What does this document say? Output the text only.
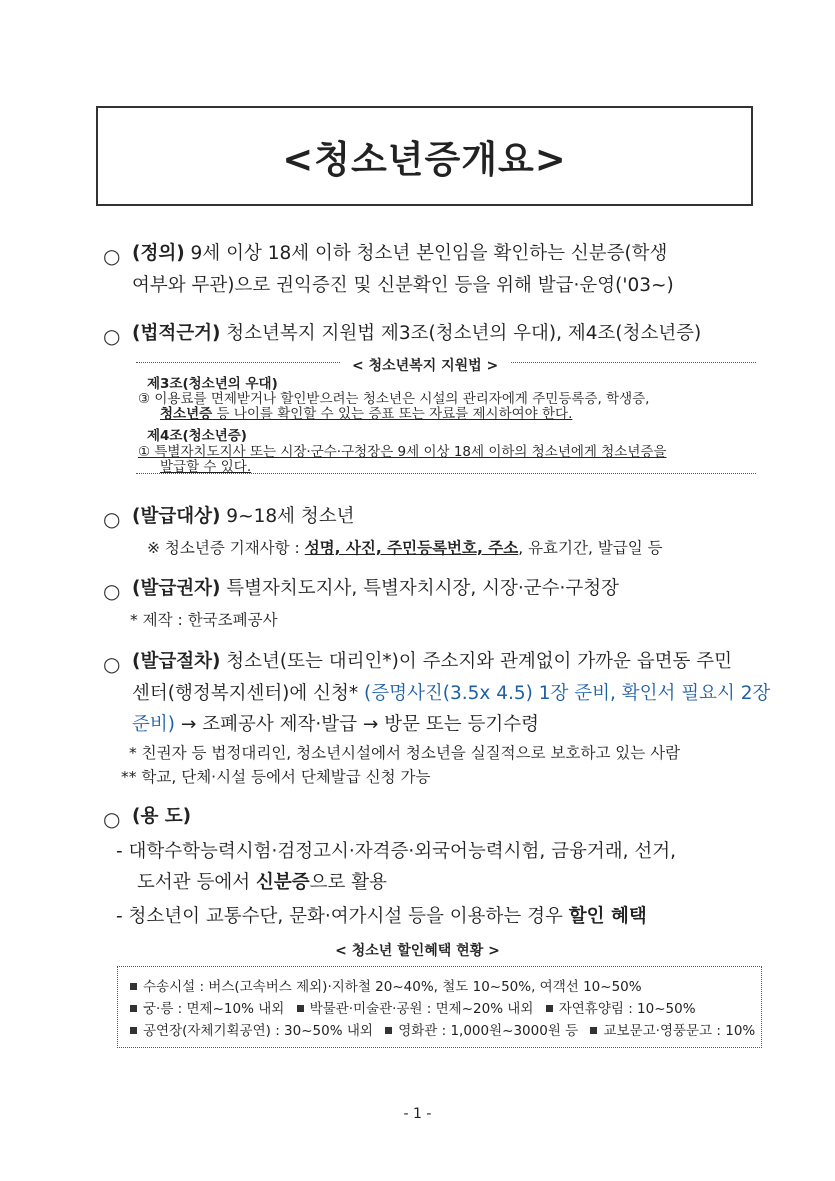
<청소년증개요>
○ (정의) 9세 이상 18세 이하 청소년 본인임을 확인하는 신분증(학생
여부와 무관)으로 권익증진 및 신분확인 등을 위해 발급·운영('03~)
○ (법적근거) 청소년복지 지원법 제3조(청소년의 우대), 제4조(청소년증)
< 청소년복지 지원법 >
제3조(청소년의 우대)
③ 이용료를 면제받거나 할인받으려는 청소년은 시설의 관리자에게 주민등록증, 학생증,
청소년증 등 나이를 확인할 수 있는 증표 또는 자료를 제시하여야 한다.
제4조(청소년증)
① 특별자치도지사 또는 시장·군수·구청장은 9세 이상 18세 이하의 청소년에게 청소년증을
발급할 수 있다.
○ (발급대상) 9~18세 청소년
※ 청소년증 기재사항 : 성명, 사진, 주민등록번호, 주소, 유효기간, 발급일 등
○ (발급권자) 특별자치도지사, 특별자치시장, 시장·군수·구청장
* 제작 : 한국조폐공사
○ (발급절차) 청소년(또는 대리인*)이 주소지와 관계없이 가까운 읍면동 주민
센터(행정복지센터)에 신청* (증명사진(3.5x 4.5) 1장 준비, 확인서 필요시 2장
준비) → 조폐공사 제작·발급 → 방문 또는 등기수령
* 친권자 등 법정대리인, 청소년시설에서 청소년을 실질적으로 보호하고 있는 사람
** 학교, 단체·시설 등에서 단체발급 신청 가능
○ (용 도)
- 대학수학능력시험·검정고시·자격증·외국어능력시험, 금융거래, 선거,
도서관 등에서 신분증으로 활용
- 청소년이 교통수단, 문화·여가시설 등을 이용하는 경우 할인 혜택
< 청소년 할인혜택 현황 >
수송시설 : 버스(고속버스 제외)·지하철 20~40%, 철도 10~50%, 여객선 10~50%
궁·릉 : 면제~10% 내외 박물관·미술관·공원 : 면제~20% 내외 자연휴양림 : 10~50%
공연장(자체기획공연) : 30~50% 내외 영화관 : 1,000원~3000원 등 교보문고·영풍문고 : 10%
- 1 -
